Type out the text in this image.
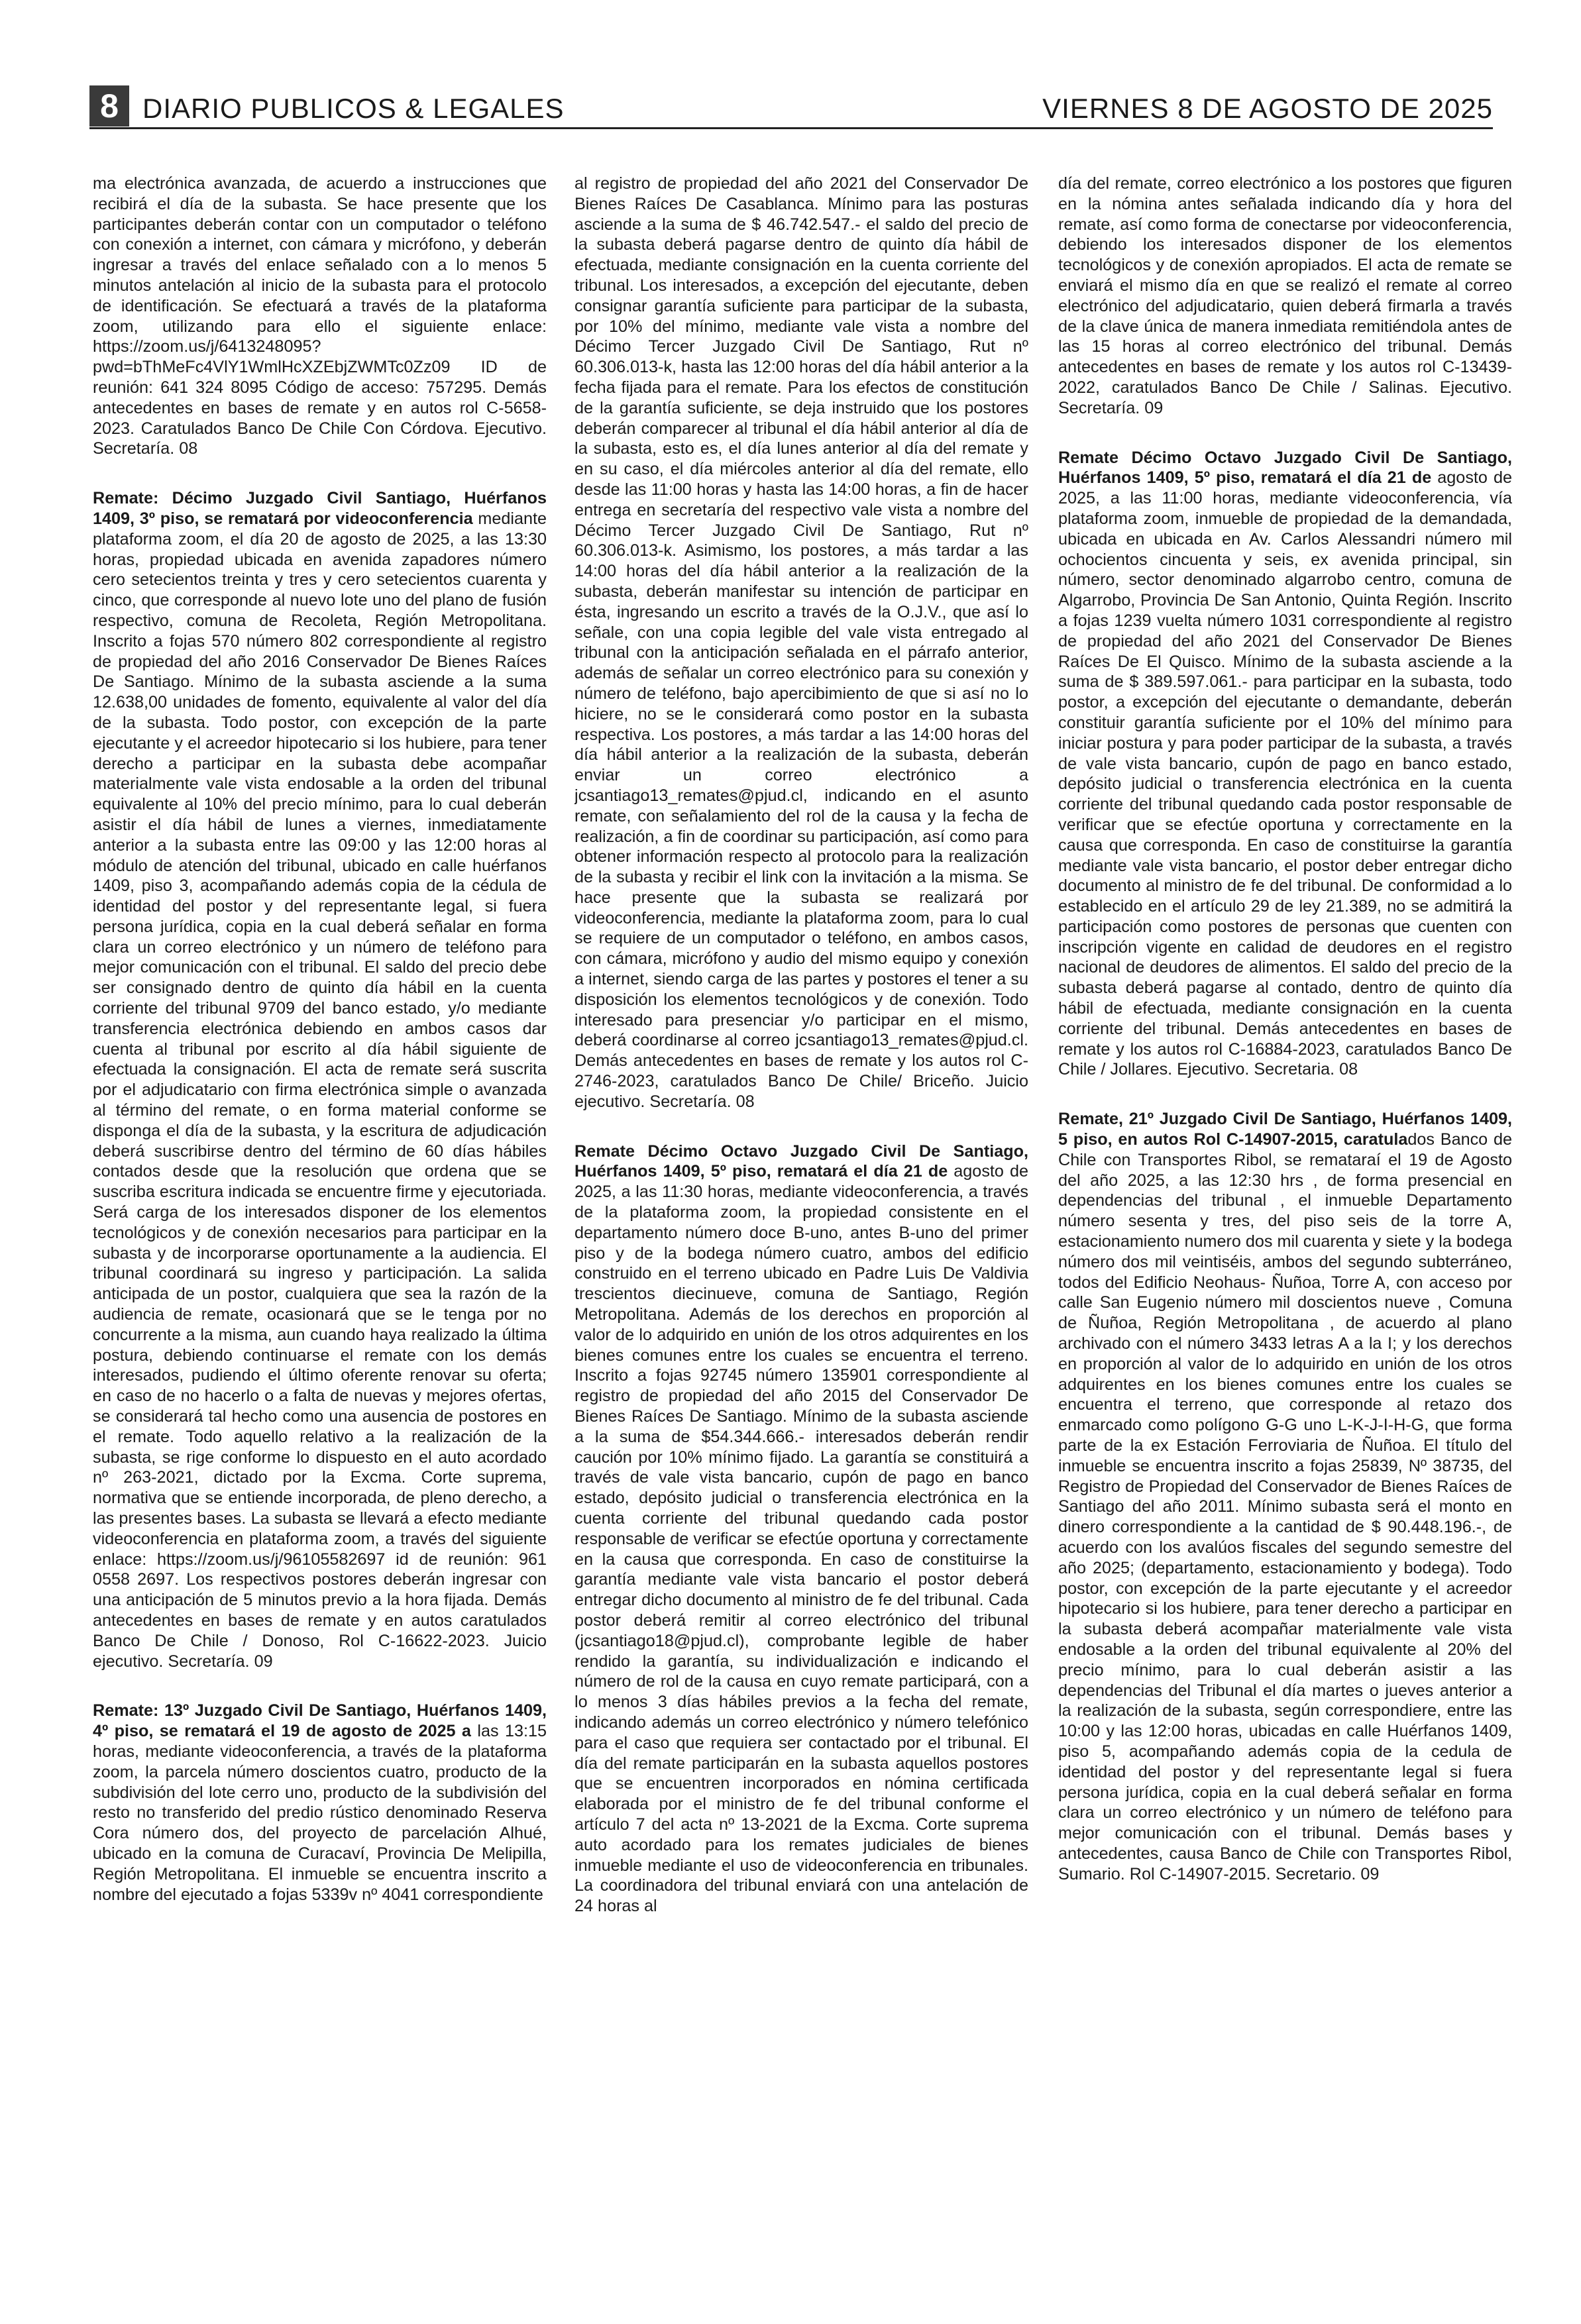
8 DIARIO PUBLICOS & LEGALES	VIERNES 8 DE AGOSTO DE 2025
ma electrónica avanzada, de acuerdo a instrucciones que recibirá el día de la subasta. Se hace presente que los participantes deberán contar con un computador o teléfono con conexión a internet, con cámara y micrófono, y deberán ingresar a través del enlace señalado con a lo menos 5 minutos antelación al inicio de la subasta para el protocolo de identificación. Se efectuará a través de la plataforma zoom, utilizando para ello el siguiente enlace: https://zoom.us/j/6413248095?pwd=bThMeFc4VlY1WmlHcXZEbjZWMTc0Zz09 ID de reunión: 641 324 8095 Código de acceso: 757295. Demás antecedentes en bases de remate y en autos rol C-5658-2023. Caratulados Banco De Chile Con Córdova. Ejecutivo. Secretaría. 08
Remate: Décimo Juzgado Civil Santiago, Huérfanos 1409, 3º piso, se rematará por videoconferencia mediante plataforma zoom, el día 20 de agosto de 2025, a las 13:30 horas, propiedad ubicada en avenida zapadores número cero setecientos treinta y tres y cero setecientos cuarenta y cinco, que corresponde al nuevo lote uno del plano de fusión respectivo, comuna de Recoleta, Región Metropolitana. Inscrito a fojas 570 número 802 correspondiente al registro de propiedad del año 2016 Conservador De Bienes Raíces De Santiago. Mínimo de la subasta asciende a la suma 12.638,00 unidades de fomento, equivalente al valor del día de la subasta. Todo postor, con excepción de la parte ejecutante y el acreedor hipotecario si los hubiere, para tener derecho a participar en la subasta debe acompañar materialmente vale vista endosable a la orden del tribunal equivalente al 10% del precio mínimo, para lo cual deberán asistir el día hábil de lunes a viernes, inmediatamente anterior a la subasta entre las 09:00 y las 12:00 horas al módulo de atención del tribunal, ubicado en calle huérfanos 1409, piso 3, acompañando además copia de la cédula de identidad del postor y del representante legal, si fuera persona jurídica, copia en la cual deberá señalar en forma clara un correo electrónico y un número de teléfono para mejor comunicación con el tribunal. El saldo del precio debe ser consignado dentro de quinto día hábil en la cuenta corriente del tribunal 9709 del banco estado, y/o mediante transferencia electrónica debiendo en ambos casos dar cuenta al tribunal por escrito al día hábil siguiente de efectuada la consignación. El acta de remate será suscrita por el adjudicatario con firma electrónica simple o avanzada al término del remate, o en forma material conforme se disponga el día de la subasta, y la escritura de adjudicación deberá suscribirse dentro del término de 60 días hábiles contados desde que la resolución que ordena que se suscriba escritura indicada se encuentre firme y ejecutoriada. Será carga de los interesados disponer de los elementos tecnológicos y de conexión necesarios para participar en la subasta y de incorporarse oportunamente a la audiencia. El tribunal coordinará su ingreso y participación. La salida anticipada de un postor, cualquiera que sea la razón de la audiencia de remate, ocasionará que se le tenga por no concurrente a la misma, aun cuando haya realizado la última postura, debiendo continuarse el remate con los demás interesados, pudiendo el último oferente renovar su oferta; en caso de no hacerlo o a falta de nuevas y mejores ofertas, se considerará tal hecho como una ausencia de postores en el remate. Todo aquello relativo a la realización de la subasta, se rige conforme lo dispuesto en el auto acordado nº 263-2021, dictado por la Excma. Corte suprema, normativa que se entiende incorporada, de pleno derecho, a las presentes bases. La subasta se llevará a efecto mediante videoconferencia en plataforma zoom, a través del siguiente enlace: https://zoom.us/j/96105582697 id de reunión: 961 0558 2697. Los respectivos postores deberán ingresar con una anticipación de 5 minutos previo a la hora fijada. Demás antecedentes en bases de remate y en autos caratulados Banco De Chile / Donoso, Rol C-16622-2023. Juicio ejecutivo. Secretaría. 09
Remate: 13º Juzgado Civil De Santiago, Huérfanos 1409, 4º piso, se rematará el 19 de agosto de 2025 a las 13:15 horas, mediante videoconferencia, a través de la plataforma zoom, la parcela número doscientos cuatro, producto de la subdivisión del lote cerro uno, producto de la subdivisión del resto no transferido del predio rústico denominado Reserva Cora número dos, del proyecto de parcelación Alhué, ubicado en la comuna de Curacaví, Provincia De Melipilla, Región Metropolitana. El inmueble se encuentra inscrito a nombre del ejecutado a fojas 5339v nº 4041 correspondiente
al registro de propiedad del año 2021 del Conservador De Bienes Raíces De Casablanca. Mínimo para las posturas asciende a la suma de $ 46.742.547.- el saldo del precio de la subasta deberá pagarse dentro de quinto día hábil de efectuada, mediante consignación en la cuenta corriente del tribunal. Los interesados, a excepción del ejecutante, deben consignar garantía suficiente para participar de la subasta, por 10% del mínimo, mediante vale vista a nombre del Décimo Tercer Juzgado Civil De Santiago, Rut nº 60.306.013-k, hasta las 12:00 horas del día hábil anterior a la fecha fijada para el remate. Para los efectos de constitución de la garantía suficiente, se deja instruido que los postores deberán comparecer al tribunal el día hábil anterior al día de la subasta, esto es, el día lunes anterior al día del remate y en su caso, el día miércoles anterior al día del remate, ello desde las 11:00 horas y hasta las 14:00 horas, a fin de hacer entrega en secretaría del respectivo vale vista a nombre del Décimo Tercer Juzgado Civil De Santiago, Rut nº 60.306.013-k. Asimismo, los postores, a más tardar a las 14:00 horas del día hábil anterior a la realización de la subasta, deberán manifestar su intención de participar en ésta, ingresando un escrito a través de la O.J.V., que así lo señale, con una copia legible del vale vista entregado al tribunal con la anticipación señalada en el párrafo anterior, además de señalar un correo electrónico para su conexión y número de teléfono, bajo apercibimiento de que si así no lo hiciere, no se le considerará como postor en la subasta respectiva. Los postores, a más tardar a las 14:00 horas del día hábil anterior a la realización de la subasta, deberán enviar un correo electrónico a jcsantiago13_remates@pjud.cl, indicando en el asunto remate, con señalamiento del rol de la causa y la fecha de realización, a fin de coordinar su participación, así como para obtener información respecto al protocolo para la realización de la subasta y recibir el link con la invitación a la misma. Se hace presente que la subasta se realizará por videoconferencia, mediante la plataforma zoom, para lo cual se requiere de un computador o teléfono, en ambos casos, con cámara, micrófono y audio del mismo equipo y conexión a internet, siendo carga de las partes y postores el tener a su disposición los elementos tecnológicos y de conexión. Todo interesado para presenciar y/o participar en el mismo, deberá coordinarse al correo jcsantiago13_remates@pjud.cl. Demás antecedentes en bases de remate y los autos rol C-2746-2023, caratulados Banco De Chile/ Briceño. Juicio ejecutivo. Secretaría. 08
Remate Décimo Octavo Juzgado Civil De Santiago, Huérfanos 1409, 5º piso, rematará el día 21 de agosto de 2025, a las 11:30 horas, mediante videoconferencia, a través de la plataforma zoom, la propiedad consistente en el departamento número doce B-uno, antes B-uno del primer piso y de la bodega número cuatro, ambos del edificio construido en el terreno ubicado en Padre Luis De Valdivia trescientos diecinueve, comuna de Santiago, Región Metropolitana. Además de los derechos en proporción al valor de lo adquirido en unión de los otros adquirentes en los bienes comunes entre los cuales se encuentra el terreno. Inscrito a fojas 92745 número 135901 correspondiente al registro de propiedad del año 2015 del Conservador De Bienes Raíces De Santiago. Mínimo de la subasta asciende a la suma de $54.344.666.- interesados deberán rendir caución por 10% mínimo fijado. La garantía se constituirá a través de vale vista bancario, cupón de pago en banco estado, depósito judicial o transferencia electrónica en la cuenta corriente del tribunal quedando cada postor responsable de verificar se efectúe oportuna y correctamente en la causa que corresponda. En caso de constituirse la garantía mediante vale vista bancario el postor deberá entregar dicho documento al ministro de fe del tribunal. Cada postor deberá remitir al correo electrónico del tribunal (jcsantiago18@pjud.cl), comprobante legible de haber rendido la garantía, su individualización e indicando el número de rol de la causa en cuyo remate participará, con a lo menos 3 días hábiles previos a la fecha del remate, indicando además un correo electrónico y número telefónico para el caso que requiera ser contactado por el tribunal. El día del remate participarán en la subasta aquellos postores que se encuentren incorporados en nómina certificada elaborada por el ministro de fe del tribunal conforme el artículo 7 del acta nº 13-2021 de la Excma. Corte suprema auto acordado para los remates judiciales de bienes inmueble mediante el uso de videoconferencia en tribunales. La coordinadora del tribunal enviará con una antelación de 24 horas al
día del remate, correo electrónico a los postores que figuren en la nómina antes señalada indicando día y hora del remate, así como forma de conectarse por videoconferencia, debiendo los interesados disponer de los elementos tecnológicos y de conexión apropiados. El acta de remate se enviará el mismo día en que se realizó el remate al correo electrónico del adjudicatario, quien deberá firmarla a través de la clave única de manera inmediata remitiéndola antes de las 15 horas al correo electrónico del tribunal. Demás antecedentes en bases de remate y los autos rol C-13439-2022, caratulados Banco De Chile / Salinas. Ejecutivo. Secretaría. 09
Remate Décimo Octavo Juzgado Civil De Santiago, Huérfanos 1409, 5º piso, rematará el día 21 de agosto de 2025, a las 11:00 horas, mediante videoconferencia, vía plataforma zoom, inmueble de propiedad de la demandada, ubicada en ubicada en Av. Carlos Alessandri número mil ochocientos cincuenta y seis, ex avenida principal, sin número, sector denominado algarrobo centro, comuna de Algarrobo, Provincia De San Antonio, Quinta Región. Inscrito a fojas 1239 vuelta número 1031 correspondiente al registro de propiedad del año 2021 del Conservador De Bienes Raíces De El Quisco. Mínimo de la subasta asciende a la suma de $ 389.597.061.- para participar en la subasta, todo postor, a excepción del ejecutante o demandante, deberán constituir garantía suficiente por el 10% del mínimo para iniciar postura y para poder participar de la subasta, a través de vale vista bancario, cupón de pago en banco estado, depósito judicial o transferencia electrónica en la cuenta corriente del tribunal quedando cada postor responsable de verificar que se efectúe oportuna y correctamente en la causa que corresponda. En caso de constituirse la garantía mediante vale vista bancario, el postor deber entregar dicho documento al ministro de fe del tribunal. De conformidad a lo establecido en el artículo 29 de ley 21.389, no se admitirá la participación como postores de personas que cuenten con inscripción vigente en calidad de deudores en el registro nacional de deudores de alimentos. El saldo del precio de la subasta deberá pagarse al contado, dentro de quinto día hábil de efectuada, mediante consignación en la cuenta corriente del tribunal. Demás antecedentes en bases de remate y los autos rol C-16884-2023, caratulados Banco De Chile / Jollares. Ejecutivo. Secretaria. 08
Remate, 21º Juzgado Civil De Santiago, Huérfanos 1409, 5 piso, en autos Rol C-14907-2015, caratulados Banco de Chile con Transportes Ribol, se remataraí el 19 de Agosto del año 2025, a las 12:30 hrs , de forma presencial en dependencias del tribunal , el inmueble Departamento número sesenta y tres, del piso seis de la torre A, estacionamiento numero dos mil cuarenta y siete y la bodega número dos mil veintiséis, ambos del segundo subterráneo, todos del Edificio Neohaus- Ñuñoa, Torre A, con acceso por calle San Eugenio número mil doscientos nueve , Comuna de Ñuñoa, Región Metropolitana , de acuerdo al plano archivado con el número 3433 letras A a la I; y los derechos en proporción al valor de lo adquirido en unión de los otros adquirentes en los bienes comunes entre los cuales se encuentra el terreno, que corresponde al retazo dos enmarcado como polígono G-G uno L-K-J-I-H-G, que forma parte de la ex Estación Ferroviaria de Ñuñoa. El título del inmueble se encuentra inscrito a fojas 25839, Nº 38735, del Registro de Propiedad del Conservador de Bienes Raíces de Santiago del año 2011. Mínimo subasta será el monto en dinero correspondiente a la cantidad de $ 90.448.196.-, de acuerdo con los avalúos fiscales del segundo semestre del año 2025; (departamento, estacionamiento y bodega). Todo postor, con excepción de la parte ejecutante y el acreedor hipotecario si los hubiere, para tener derecho a participar en la subasta deberá acompañar materialmente vale vista endosable a la orden del tribunal equivalente al 20% del precio mínimo, para lo cual deberán asistir a las dependencias del Tribunal el día martes o jueves anterior a la realización de la subasta, según correspondiere, entre las 10:00 y las 12:00 horas, ubicadas en calle Huérfanos 1409, piso 5, acompañando además copia de la cedula de identidad del postor y del representante legal si fuera persona jurídica, copia en la cual deberá señalar en forma clara un correo electrónico y un número de teléfono para mejor comunicación con el tribunal. Demás bases y antecedentes, causa Banco de Chile con Transportes Ribol, Sumario. Rol C-14907-2015. Secretario. 09
